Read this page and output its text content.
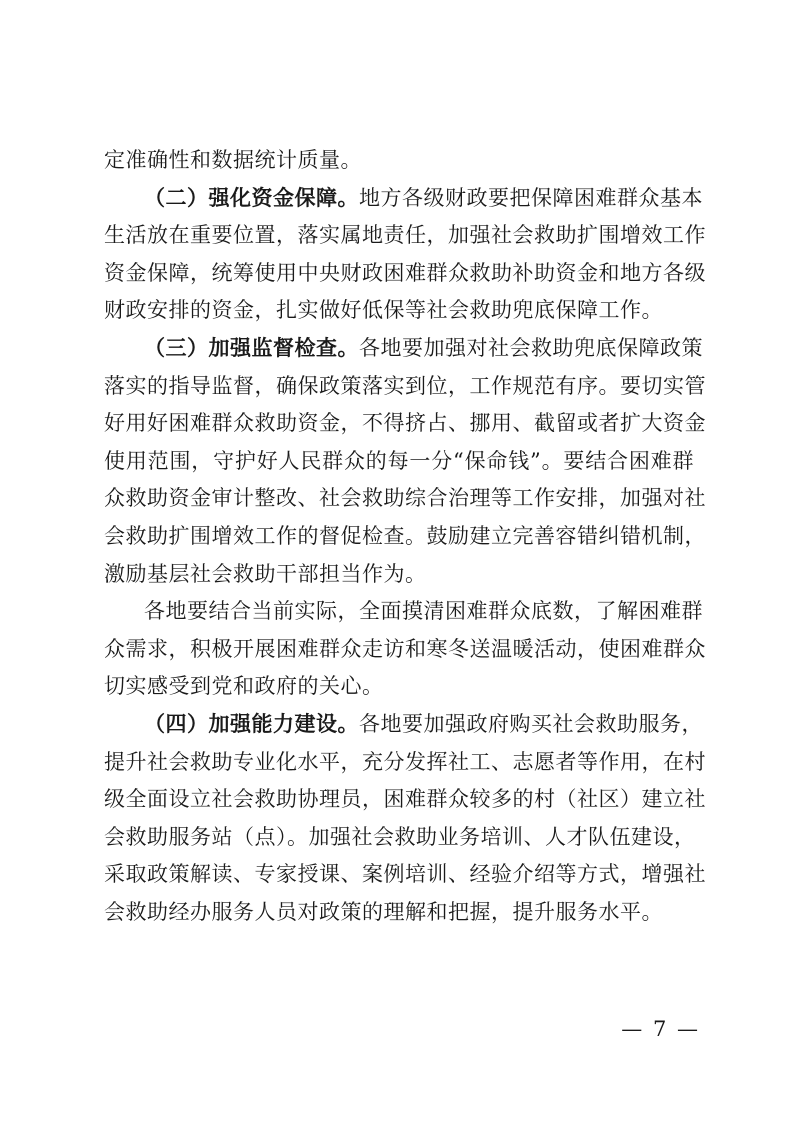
定准确性和数据统计质量。
（二）强化资金保障。地方各级财政要把保障困难群众基本
生活放在重要位置，落实属地责任，加强社会救助扩围增效工作
资金保障，统筹使用中央财政困难群众救助补助资金和地方各级
财政安排的资金，扎实做好低保等社会救助兜底保障工作。
（三）加强监督检查。各地要加强对社会救助兜底保障政策
落实的指导监督，确保政策落实到位，工作规范有序。要切实管
好用好困难群众救助资金，不得挤占、挪用、截留或者扩大资金
使用范围，守护好人民群众的每一分“保命钱”。要结合困难群
众救助资金审计整改、社会救助综合治理等工作安排，加强对社
会救助扩围增效工作的督促检查。鼓励建立完善容错纠错机制，
激励基层社会救助干部担当作为。
各地要结合当前实际，全面摸清困难群众底数，了解困难群
众需求，积极开展困难群众走访和寒冬送温暖活动，使困难群众
切实感受到党和政府的关心。
（四）加强能力建设。各地要加强政府购买社会救助服务，
提升社会救助专业化水平，充分发挥社工、志愿者等作用，在村
级全面设立社会救助协理员，困难群众较多的村（社区）建立社
会救助服务站（点）。加强社会救助业务培训、人才队伍建设，
采取政策解读、专家授课、案例培训、经验介绍等方式，增强社
会救助经办服务人员对政策的理解和把握，提升服务水平。
— 7 —
